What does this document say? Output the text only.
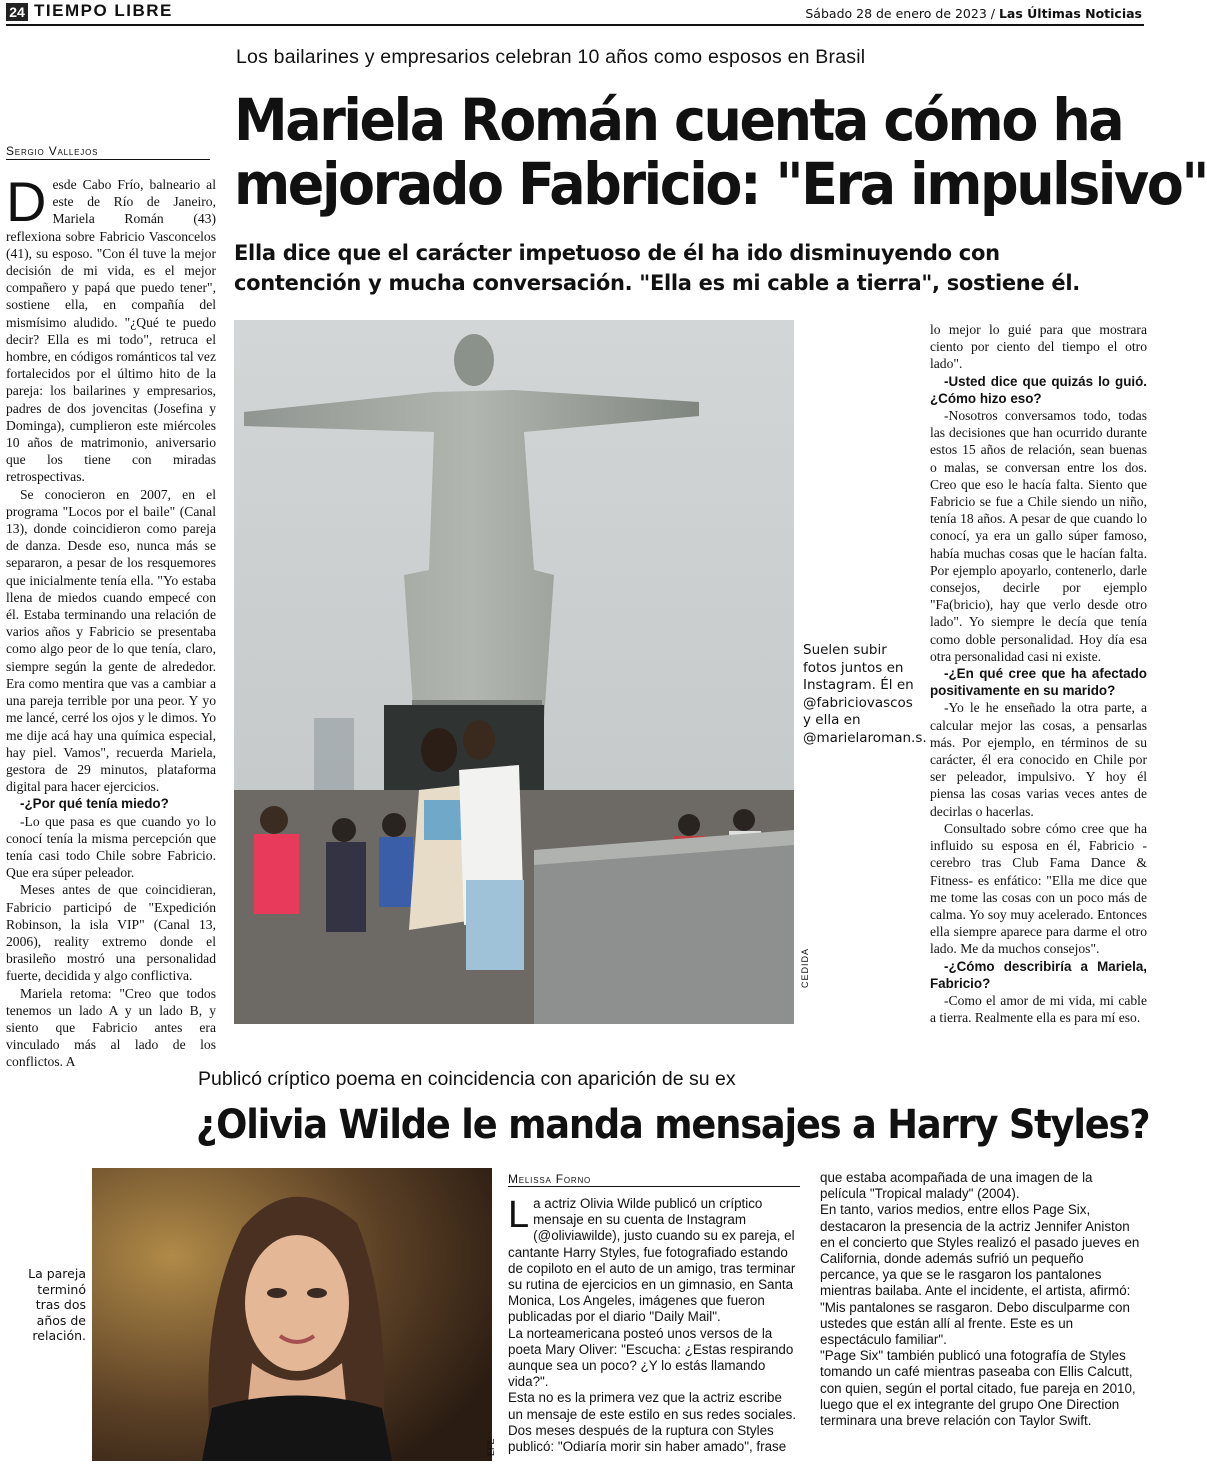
24 TIEMPO LIBRE	Sábado 28 de enero de 2023 / Las Últimas Noticias
Los bailarines y empresarios celebran 10 años como esposos en Brasil
Mariela Román cuenta cómo ha
mejorado Fabricio: "Era impulsivo"
Ella dice que el carácter impetuoso de él ha ido disminuyendo con
contención y mucha conversación. "Ella es mi cable a tierra", sostiene él.
Sergio Vallejos

Desde Cabo Frío, balneario al este de Río de Janeiro, Mariela Román (43) reflexiona sobre Fabricio Vasconcelos (41), su esposo. "Con él tuve la mejor decisión de mi vida, es el mejor compañero y papá que puedo tener", sostiene ella, en compañía del mismísimo aludido. "¿Qué te puedo decir? Ella es mi todo", retruca el hombre, en códigos románticos tal vez fortalecidos por el último hito de la pareja: los bailarines y empresarios, padres de dos jovencitas (Josefina y Dominga), cumplieron este miércoles 10 años de matrimonio, aniversario que los tiene con miradas retrospectivas.

Se conocieron en 2007, en el programa "Locos por el baile" (Canal 13), donde coincidieron como pareja de danza. Desde eso, nunca más se separaron, a pesar de los resquemores que inicialmente tenía ella. "Yo estaba llena de miedos cuando empecé con él. Estaba terminando una relación de varios años y Fabricio se presentaba como algo peor de lo que tenía, claro, siempre según la gente de alrededor. Era como mentira que vas a cambiar a una pareja terrible por una peor. Y yo me lancé, cerré los ojos y le dimos. Yo me dije acá hay una química especial, hay piel. Vamos", recuerda Mariela, gestora de 29 minutos, plataforma digital para hacer ejercicios.

-¿Por qué tenía miedo?

-Lo que pasa es que cuando yo lo conocí tenía la misma percepción que tenía casi todo Chile sobre Fabricio. Que era súper peleador.

Meses antes de que coincidieran, Fabricio participó de "Expedición Robinson, la isla VIP" (Canal 13, 2006), reality extremo donde el brasileño mostró una personalidad fuerte, decidida y algo conflictiva.

Mariela retoma: "Creo que todos tenemos un lado A y un lado B, y siento que Fabricio antes era vinculado más al lado de los conflictos. A

CEDIDA
Suelen subir fotos juntos en Instagram. Él en @fabriciovascos y ella en @marielaroman.s.

lo mejor lo guié para que mostrara ciento por ciento del tiempo el otro lado".

-Usted dice que quizás lo guió. ¿Cómo hizo eso?

-Nosotros conversamos todo, todas las decisiones que han ocurrido durante estos 15 años de relación, sean buenas o malas, se conversan entre los dos. Creo que eso le hacía falta. Siento que Fabricio se fue a Chile siendo un niño, tenía 18 años. A pesar de que cuando lo conocí, ya era un gallo súper famoso, había muchas cosas que le hacían falta. Por ejemplo apoyarlo, contenerlo, darle consejos, decirle por ejemplo "Fa(bricio), hay que verlo desde otro lado". Yo siempre le decía que tenía como doble personalidad. Hoy día esa otra personalidad casi ni existe.

-¿En qué cree que ha afectado positivamente en su marido?

-Yo le he enseñado la otra parte, a calcular mejor las cosas, a pensarlas más. Por ejemplo, en términos de su carácter, él era conocido en Chile por ser peleador, impulsivo. Y hoy él piensa las cosas varias veces antes de decirlas o hacerlas.

Consultado sobre cómo cree que ha influido su esposa en él, Fabricio -cerebro tras Club Fama Dance & Fitness- es enfático: "Ella me dice que me tome las cosas con un poco más de calma. Yo soy muy acelerado. Entonces ella siempre aparece para darme el otro lado. Me da muchos consejos".

-¿Cómo describiría a Mariela, Fabricio?

-Como el amor de mi vida, mi cable a tierra. Realmente ella es para mí eso.

Publicó críptico poema en coincidencia con aparición de su ex
¿Olivia Wilde le manda mensajes a Harry Styles?
La pareja terminó tras dos años de relación.
EFE
Melissa Forno

La actriz Olivia Wilde publicó un críptico mensaje en su cuenta de Instagram (@oliviawilde), justo cuando su ex pareja, el cantante Harry Styles, fue fotografiado estando de copiloto en el auto de un amigo, tras terminar su rutina de ejercicios en un gimnasio, en Santa Monica, Los Angeles, imágenes que fueron publicadas por el diario "Daily Mail".

La norteamericana posteó unos versos de la poeta Mary Oliver: "Escucha: ¿Estas respirando aunque sea un poco? ¿Y lo estás llamando vida?".

Esta no es la primera vez que la actriz escribe un mensaje de este estilo en sus redes sociales. Dos meses después de la ruptura con Styles publicó: "Odiaría morir sin haber amado", frase

que estaba acompañada de una imagen de la película "Tropical malady" (2004).

En tanto, varios medios, entre ellos Page Six, destacaron la presencia de la actriz Jennifer Aniston en el concierto que Styles realizó el pasado jueves en California, donde además sufrió un pequeño percance, ya que se le rasgaron los pantalones mientras bailaba. Ante el incidente, el artista, afirmó: "Mis pantalones se rasgaron. Debo disculparme con ustedes que están allí al frente. Este es un espectáculo familiar".

"Page Six" también publicó una fotografía de Styles tomando un café mientras paseaba con Ellis Calcutt, con quien, según el portal citado, fue pareja en 2010, luego que el ex integrante del grupo One Direction terminara una breve relación con Taylor Swift.
